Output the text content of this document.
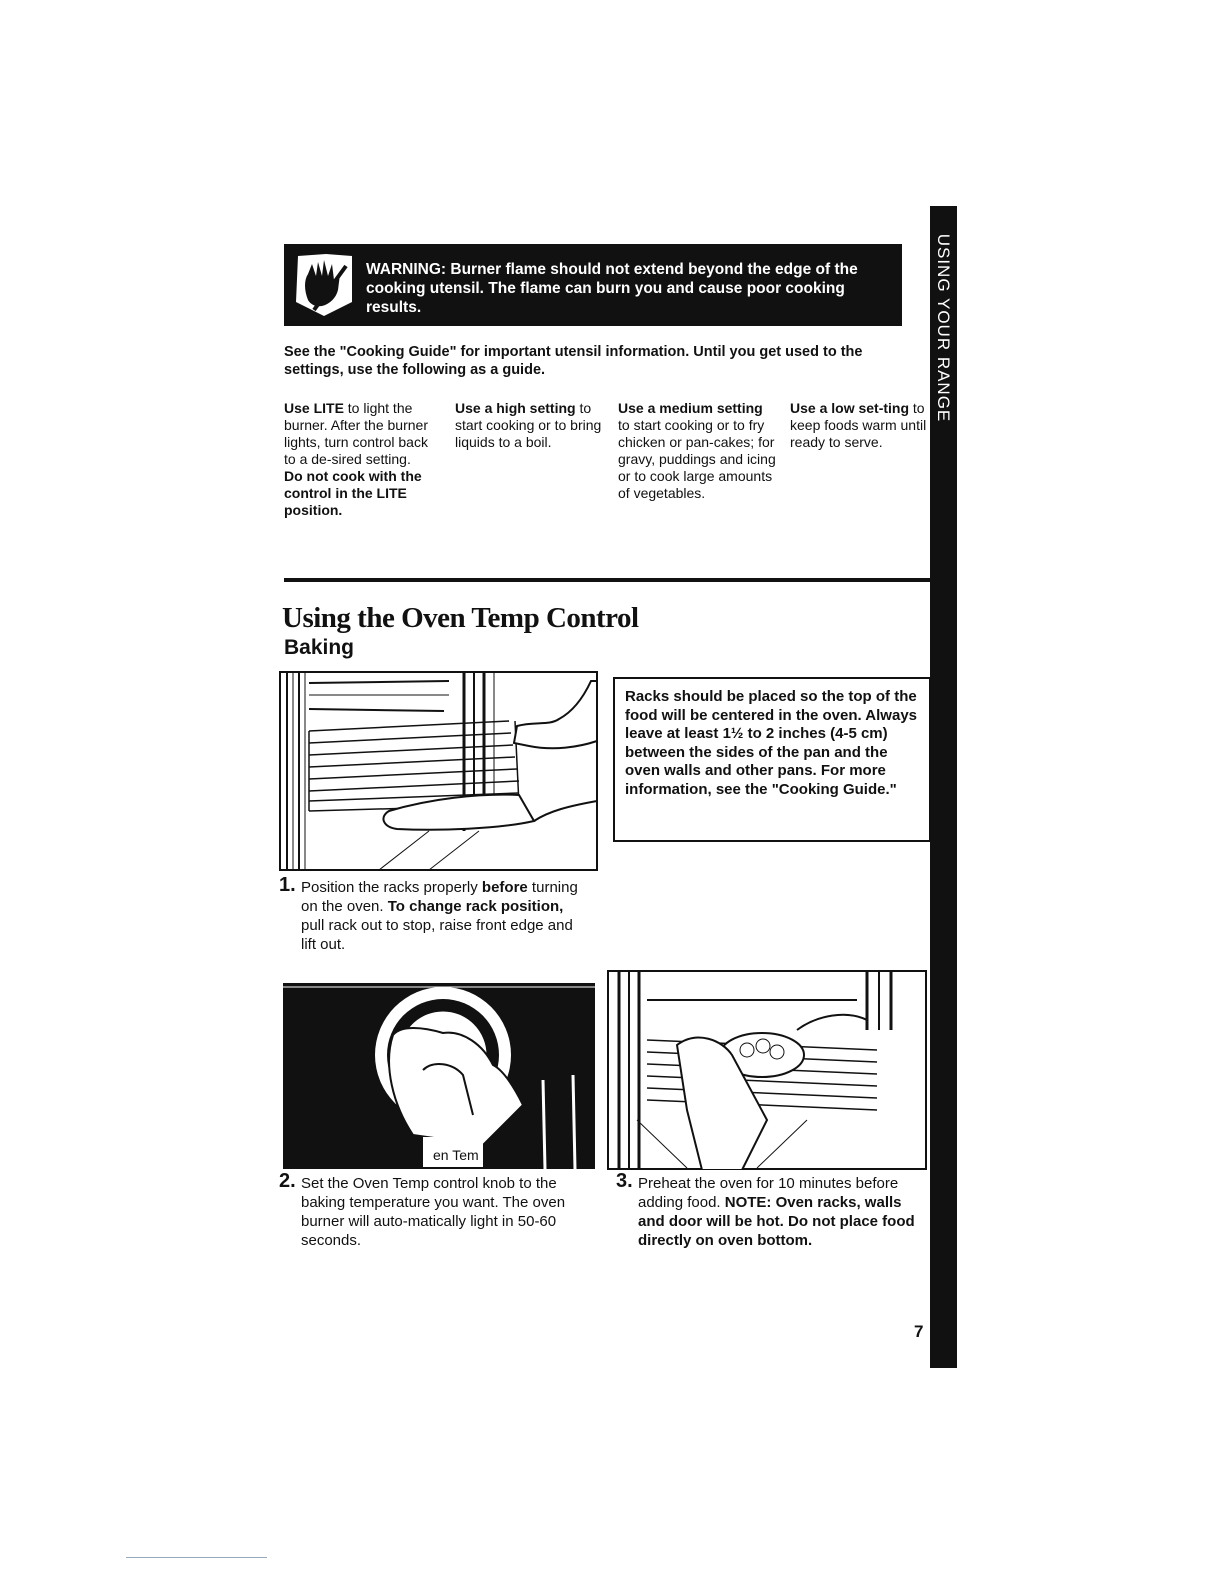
USING YOUR RANGE
WARNING: Burner flame should not extend beyond the edge of the cooking utensil. The flame can burn you and cause poor cooking results.
See the "Cooking Guide" for important utensil information. Until you get used to the settings, use the following as a guide.
Use LITE to light the burner. After the burner lights, turn control back to a de-sired setting.
Do not cook with the control in the LITE position.
Use a high setting to start cooking or to bring liquids to a boil.
Use a medium setting to start cooking or to fry chicken or pan-cakes; for gravy, puddings and icing or to cook large amounts of vegetables.
Use a low set-ting to keep foods warm until ready to serve.
Using the Oven Temp Control
Baking
Racks should be placed so the top of the food will be centered in the oven. Always leave at least 1½ to 2 inches (4-5 cm) between the sides of the pan and the oven walls and other pans. For more information, see the "Cooking Guide."
1. Position the racks properly before turning on the oven. To change rack position, pull rack out to stop, raise front edge and lift out.
en Tem
2. Set the Oven Temp control knob to the baking temperature you want. The oven burner will auto-matically light in 50-60 seconds.
3. Preheat the oven for 10 minutes before adding food. NOTE: Oven racks, walls and door will be hot. Do not place food directly on oven bottom.
7
